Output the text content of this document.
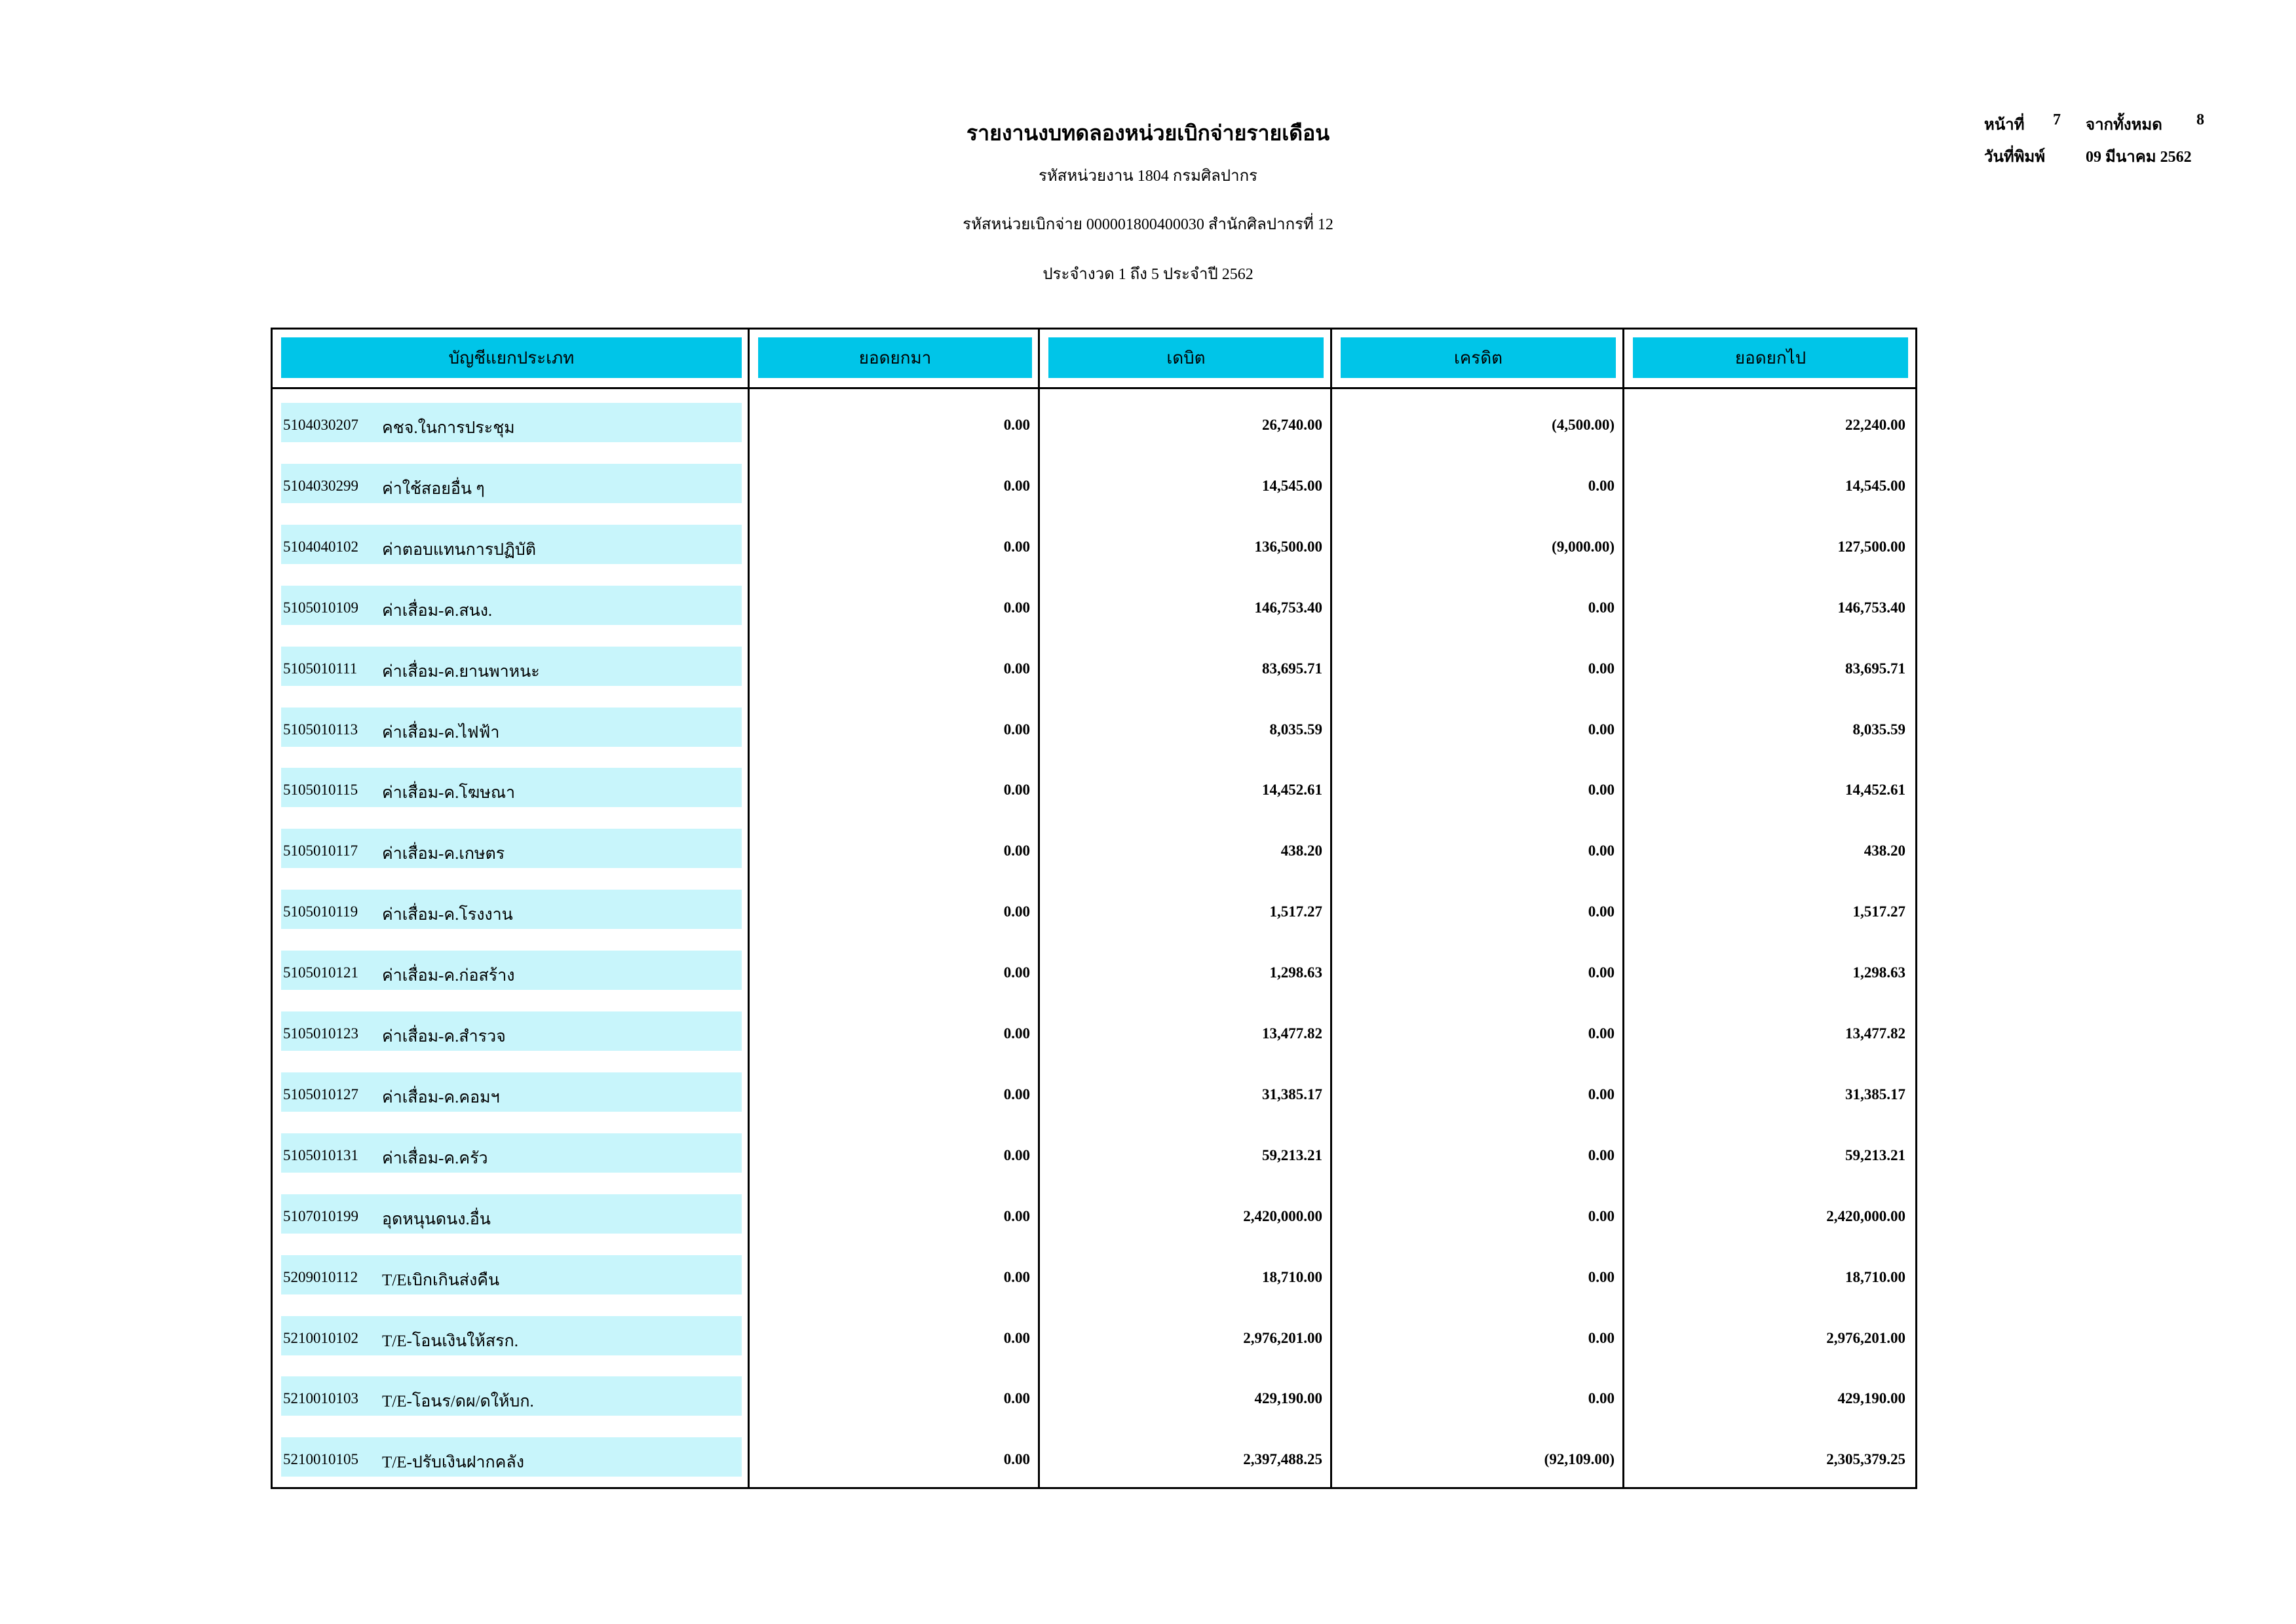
รายงานงบทดลองหน่วยเบิกจ่ายรายเดือน
รหัสหน่วยงาน 1804 กรมศิลปากร
รหัสหน่วยเบิกจ่าย 000001800400030 สำนักศิลปากรที่ 12
ประจำงวด 1 ถึง 5 ประจำปี 2562
หน้าที่ 7 จากทั้งหมด 8
วันที่พิมพ์	09 มีนาคม 2562
บัญชีแยกประเภท	ยอดยกมา	เดบิต	เครดิต	ยอดยกไป
5104030207 คชจ.ในการประชุม	0.00	26,740.00	(4,500.00)	22,240.00
5104030299 ค่าใช้สอยอื่น ๆ	0.00	14,545.00	0.00	14,545.00
5104040102 ค่าตอบแทนการปฏิบัติ	0.00	136,500.00	(9,000.00)	127,500.00
5105010109 ค่าเสื่อม-ค.สนง.	0.00	146,753.40	0.00	146,753.40
5105010111 ค่าเสื่อม-ค.ยานพาหนะ	0.00	83,695.71	0.00	83,695.71
5105010113 ค่าเสื่อม-ค.ไฟฟ้า	0.00	8,035.59	0.00	8,035.59
5105010115 ค่าเสื่อม-ค.โฆษณา	0.00	14,452.61	0.00	14,452.61
5105010117 ค่าเสื่อม-ค.เกษตร	0.00	438.20	0.00	438.20
5105010119 ค่าเสื่อม-ค.โรงงาน	0.00	1,517.27	0.00	1,517.27
5105010121 ค่าเสื่อม-ค.ก่อสร้าง	0.00	1,298.63	0.00	1,298.63
5105010123 ค่าเสื่อม-ค.สำรวจ	0.00	13,477.82	0.00	13,477.82
5105010127 ค่าเสื่อม-ค.คอมฯ	0.00	31,385.17	0.00	31,385.17
5105010131 ค่าเสื่อม-ค.ครัว	0.00	59,213.21	0.00	59,213.21
5107010199 อุดหนุนดนง.อื่น	0.00	2,420,000.00	0.00	2,420,000.00
5209010112 T/Eเบิกเกินส่งคืน	0.00	18,710.00	0.00	18,710.00
5210010102 T/E-โอนเงินให้สรก.	0.00	2,976,201.00	0.00	2,976,201.00
5210010103 T/E-โอนร/ดผ/ดให้บก.	0.00	429,190.00	0.00	429,190.00
5210010105 T/E-ปรับเงินฝากคลัง	0.00	2,397,488.25	(92,109.00)	2,305,379.25
